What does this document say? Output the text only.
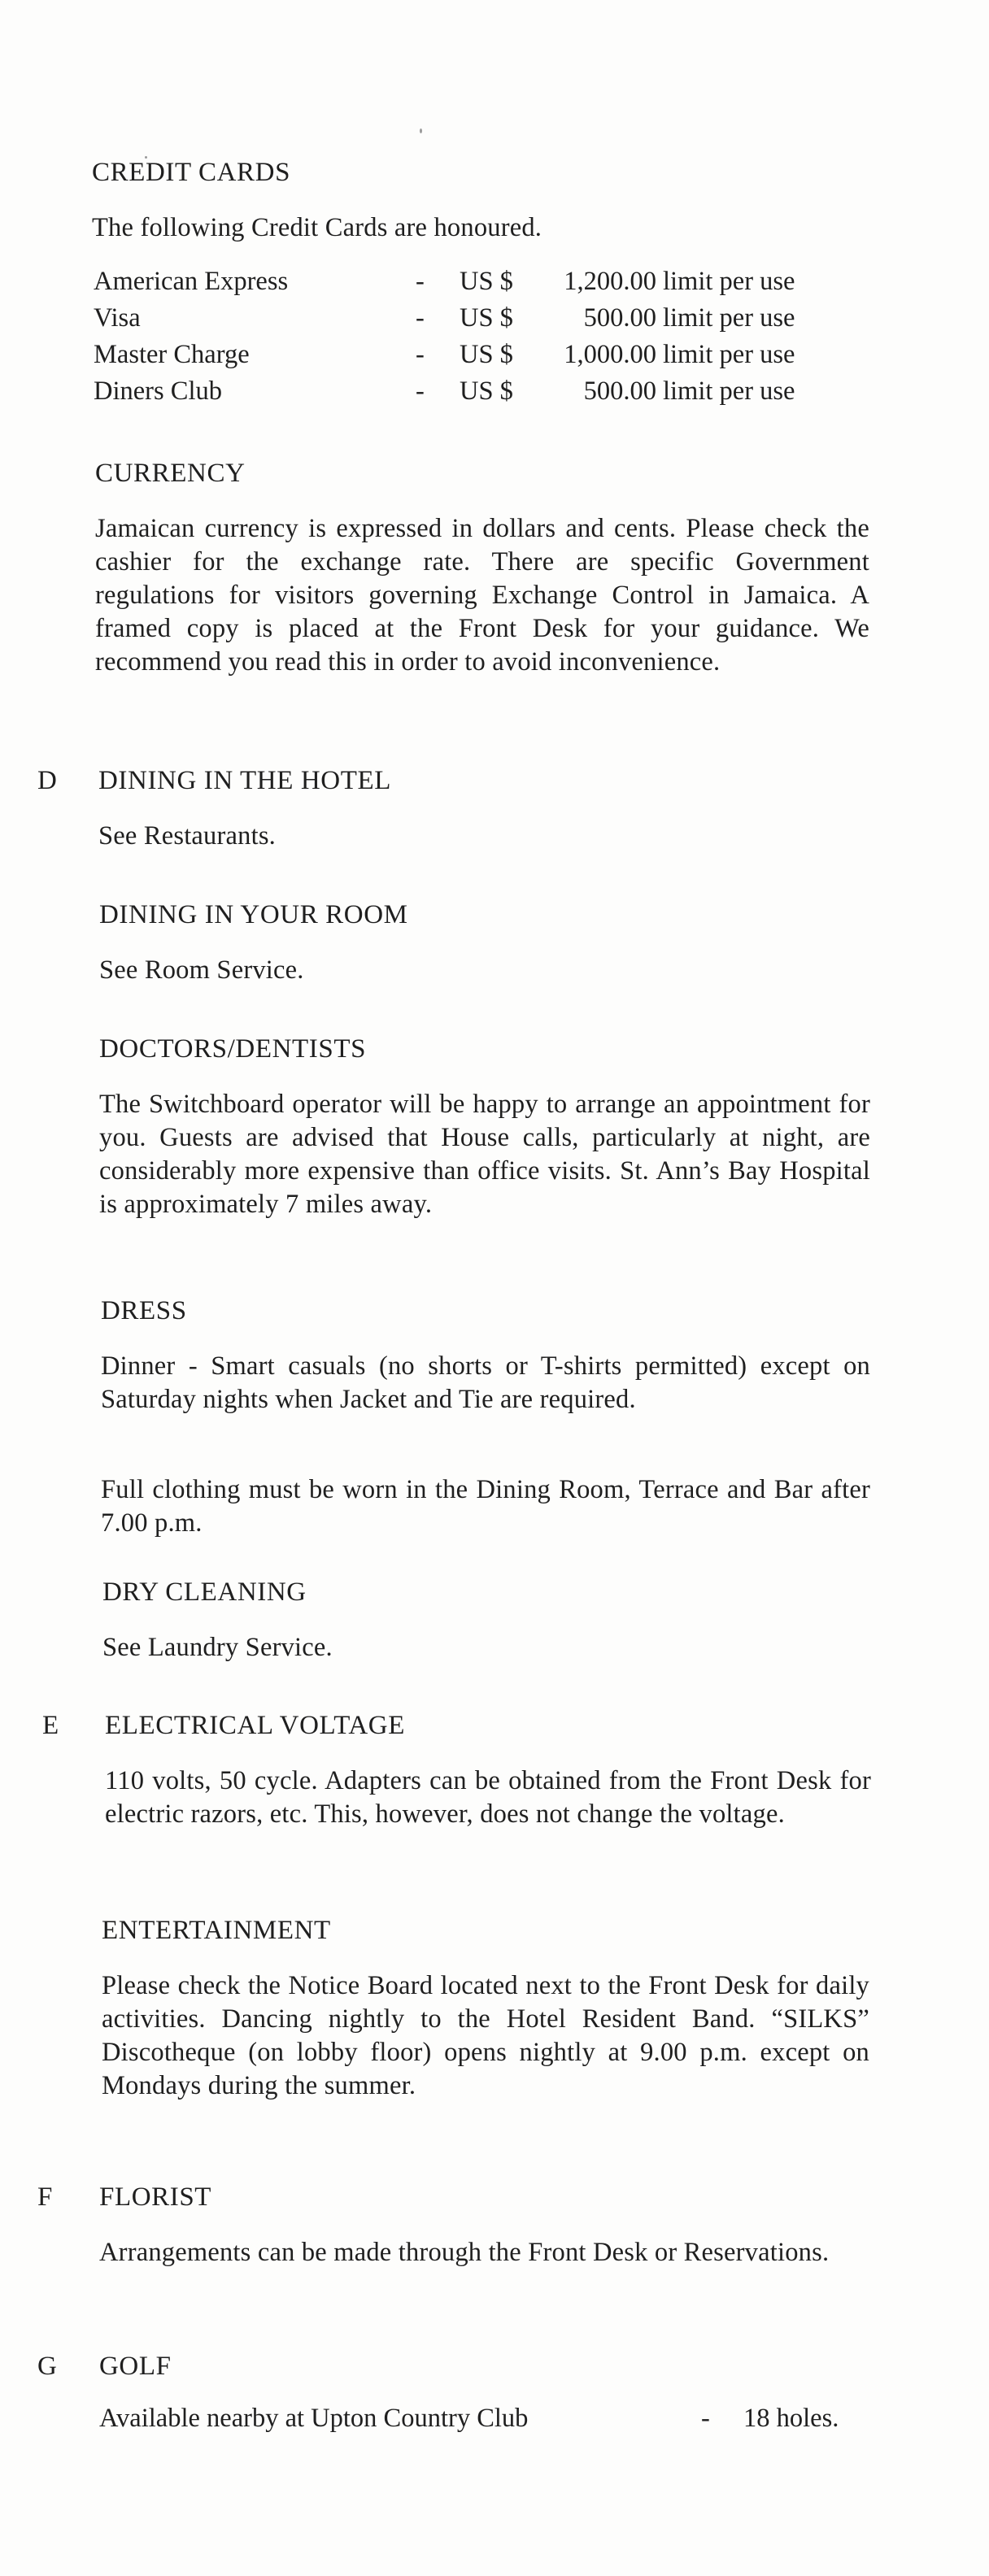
CREDIT CARDS
The following Credit Cards are honoured.
American Express	- US $	1,200.00 limit per use
Visa	- US $	500.00 limit per use
Master Charge	- US $	1,000.00 limit per use
Diners Club	- US $	500.00 limit per use
CURRENCY
Jamaican currency is expressed in dollars and cents. Please check the cashier for the exchange rate. There are specific Government regulations for visitors governing Exchange Control in Jamaica. A framed copy is placed at the Front Desk for your guidance. We recommend you read this in order to avoid inconvenience.
D DINING IN THE HOTEL
See Restaurants.
DINING IN YOUR ROOM
See Room Service.
DOCTORS/DENTISTS
The Switchboard operator will be happy to arrange an appointment for you. Guests are advised that House calls, particularly at night, are considerably more expensive than office visits. St. Ann’s Bay Hospital is approximately 7 miles away.
DRESS
Dinner - Smart casuals (no shorts or T-shirts permitted) except on Saturday nights when Jacket and Tie are required.
Full clothing must be worn in the Dining Room, Terrace and Bar after 7.00 p.m.
DRY CLEANING
See Laundry Service.
E ELECTRICAL VOLTAGE
110 volts, 50 cycle. Adapters can be obtained from the Front Desk for electric razors, etc. This, however, does not change the voltage.
ENTERTAINMENT
Please check the Notice Board located next to the Front Desk for daily activities. Dancing nightly to the Hotel Resident Band. “SILKS” Discotheque (on lobby floor) opens nightly at 9.00 p.m. except on Mondays during the summer.
F FLORIST
Arrangements can be made through the Front Desk or Reservations.
G GOLF
Available nearby at Upton Country Club	- 18 holes.
